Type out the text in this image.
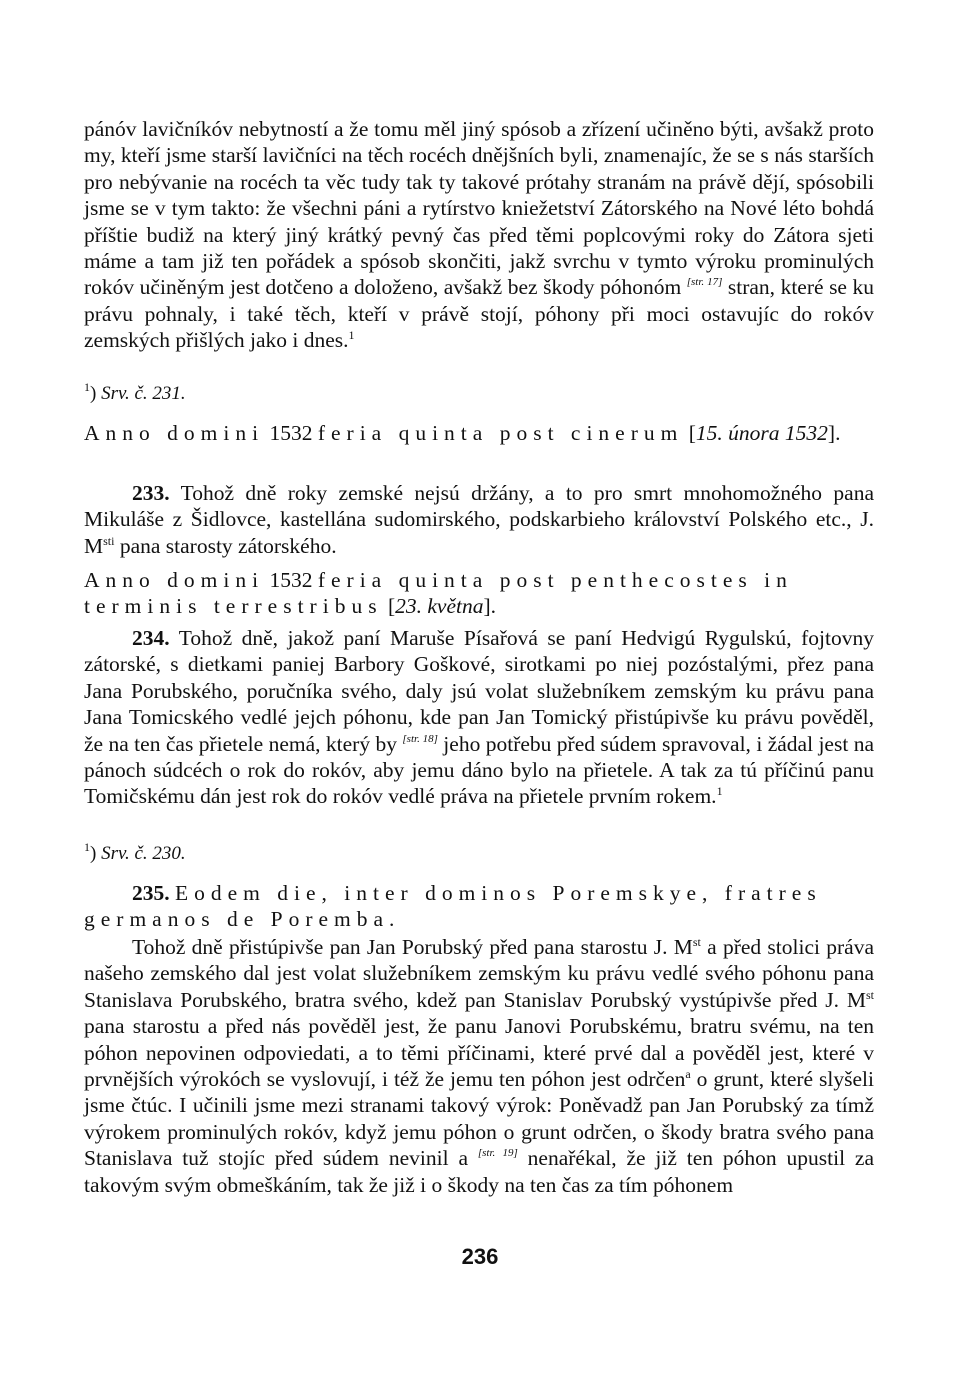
pánóv lavičníkóv nebytností a že tomu měl jiný spósob a zřízení učiněno býti, avšakž proto my, kteří jsme starší lavičníci na těch rocéch dnějšních byli, znamenajíc, že se s nás starších pro nebývanie na rocéch ta věc tudy tak ty takové prótahy stranám na právě dějí, spósobili jsme se v tym takto: že všechni páni a rytírstvo kniežetství Zátorského na Nové léto bohdá příštie budiž na který jiný krátký pevný čas před těmi poplcovými roky do Zátora sjeti máme a tam již ten pořádek a spósob skončiti, jakž svrchu v tymto výroku prominulých rokóv učiněným jest dotčeno a doloženo, avšakž bez škody póhonóm [str. 17] stran, které se ku právu pohnaly, i také těch, kteří v právě stojí, póhony při moci ostavujíc do rokóv zemských přišlých jako i dnes.$^1$

$^1$) Srv. č. 231.

Anno domini 1532 feria quinta post cinerum [15. února 1532].

233. Tohož dně roky zemské nejsú držány, a to pro smrt mnohomožného pana Mikuláše z Šidlovce, kastellána sudomirského, podskarbieho království Polského etc., J. $M^{sti}$ pana starosty zátorského.

Anno domini 1532 feria quinta post penthecostes in terminis terrestribus [23. května].

234. Tohož dně, jakož paní Maruše Písařová se paní Hedvigú Rygulskú, fojtovny zátorské, s dietkami paniej Barbory Goškové, sirotkami po niej pozóstalými, přez pana Jana Porubského, poručníka svého, daly jsú volat služebníkem zemským ku právu pana Jana Tomicského vedlé jejch póhonu, kde pan Jan Tomický přistúpivše ku právu pověděl, že na ten čas přietele nemá, který by [str. 18] jeho potřebu před súdem spravoval, i žádal jest na pánoch súdcéch o rok do rokóv, aby jemu dáno bylo na přietele. A tak za tú příčinú panu Tomičskému dán jest rok do rokóv vedlé práva na přietele prvním rokem.$^1$

$^1$) Srv. č. 230.

235. Eodem die, inter dominos Poremskye, fratres germanos de Poremba.

Tohož dně přistúpivše pan Jan Porubský před pana starostu J. Mst a před stolici práva našeho zemského dal jest volat služebníkem zemským ku právu vedlé svého póhonu pana Stanislava Porubského, bratra svého, kdež pan Stanislav Porubský vystúpivše před J. Mst pana starostu a před nás pověděl jest, že panu Janovi Porubskému, bratru svému, na ten póhon nepovinen odpoviedati, a to těmi příčinami, které prvé dal a pověděl jest, které v prvnějších výrokóch se vyslovují, i též že jemu ten póhon jest odrčen$^a$ o grunt, které slyšeli jsme čtúc. I učinili jsme mezi stranami takový výrok: Poněvadž pan Jan Porubský za tímž výrokem prominulých rokóv, když jemu póhon o grunt odrčen, o škody bratra svého pana Stanislava tuž stojíc před súdem nevinil a [str. 19] nenařékal, že již ten póhon upustil za takovým svým obmeškáním, tak že již i o škody na ten čas za tím póhonem

236
